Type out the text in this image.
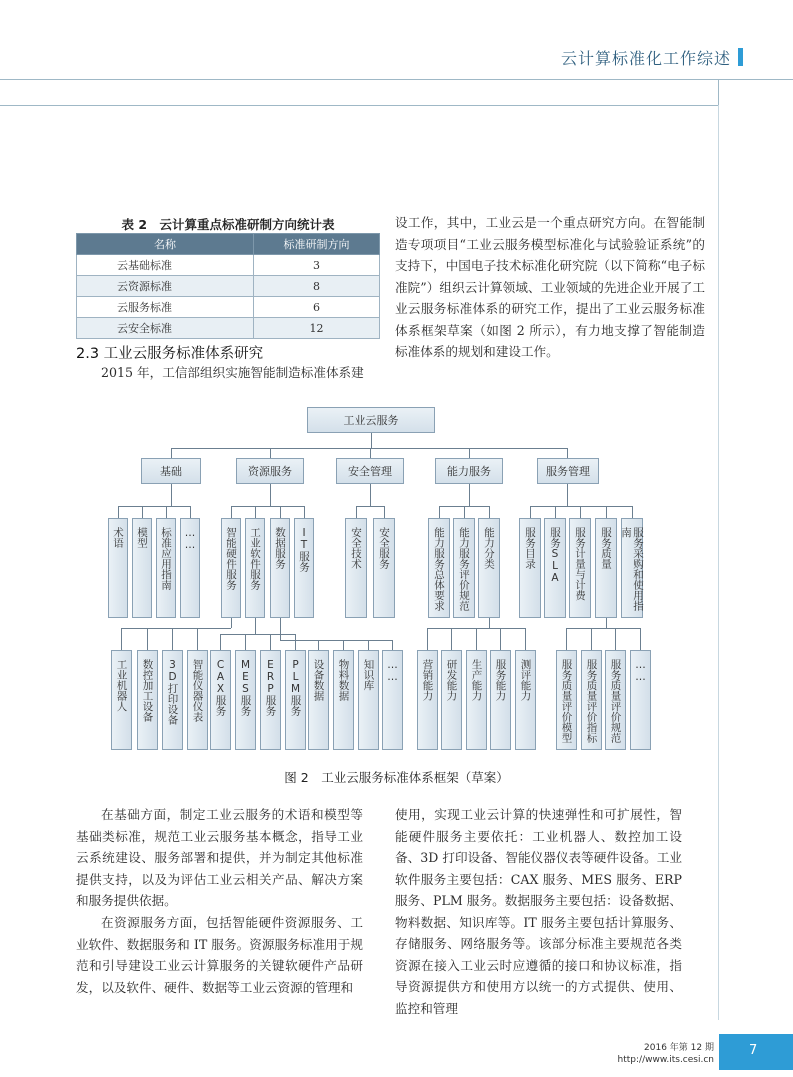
云计算标准化工作综述
表 2　云计算重点标准研制方向统计表
名称	标准研制方向
云基础标准	3
云资源标准	8
云服务标准	6
云安全标准	12
2.3 工业云服务标准体系研究
2015 年，工信部组织实施智能制造标准体系建
设工作，其中，工业云是一个重点研究方向。在智能制造专项项目“工业云服务模型标准化与试验验证系统”的支持下，中国电子技术标准化研究院（以下简称“电子标准院”）组织云计算领域、工业领域的先进企业开展了工业云服务标准体系的研究工作，提出了工业云服务标准体系框架草案（如图 2 所示），有力地支撑了智能制造标准体系的规划和建设工作。
工业云服务
基础	资源服务	安全管理	能力服务	服务管理
术语 模型 标准应用指南 ……	智能硬件服务 工业软件服务 数据服务 IT服务	安全技术 安全服务	能力服务总体要求 能力服务评价规范 能力分类	服务目录 服务SLA 服务计量与计费 服务质量	服务采购和使用指南
工业机器人 数控加工设备 3D打印设备 智能仪器仪表 CAX服务 MES服务 ERP服务 PLM服务 设备数据 物料数据 知识库 …… 营销能力 研发能力 生产能力 服务能力 测评能力	服务质量评价模型 服务质量评价指标 服务质量评价规范 ……
图 2　工业云服务标准体系框架（草案）
在基础方面，制定工业云服务的术语和模型等基础类标准，规范工业云服务基本概念，指导工业云系统建设、服务部署和提供，并为制定其他标准提供支持，以及为评估工业云相关产品、解决方案和服务提供依据。
在资源服务方面，包括智能硬件资源服务、工业软件、数据服务和 IT 服务。资源服务标准用于规范和引导建设工业云计算服务的关键软硬件产品研发，以及软件、硬件、数据等工业云资源的管理和
使用，实现工业云计算的快速弹性和可扩展性，智能硬件服务主要依托：工业机器人、数控加工设备、3D 打印设备、智能仪器仪表等硬件设备。工业软件服务主要包括：CAX 服务、MES 服务、ERP 服务、PLM 服务。数据服务主要包括：设备数据、物料数据、知识库等。IT 服务主要包括计算服务、存储服务、网络服务等。该部分标准主要规范各类资源在接入工业云时应遵循的接口和协议标准，指导资源提供方和使用方以统一的方式提供、使用、监控和管理
2016 年第 12 期
http://www.its.cesi.cn
7
